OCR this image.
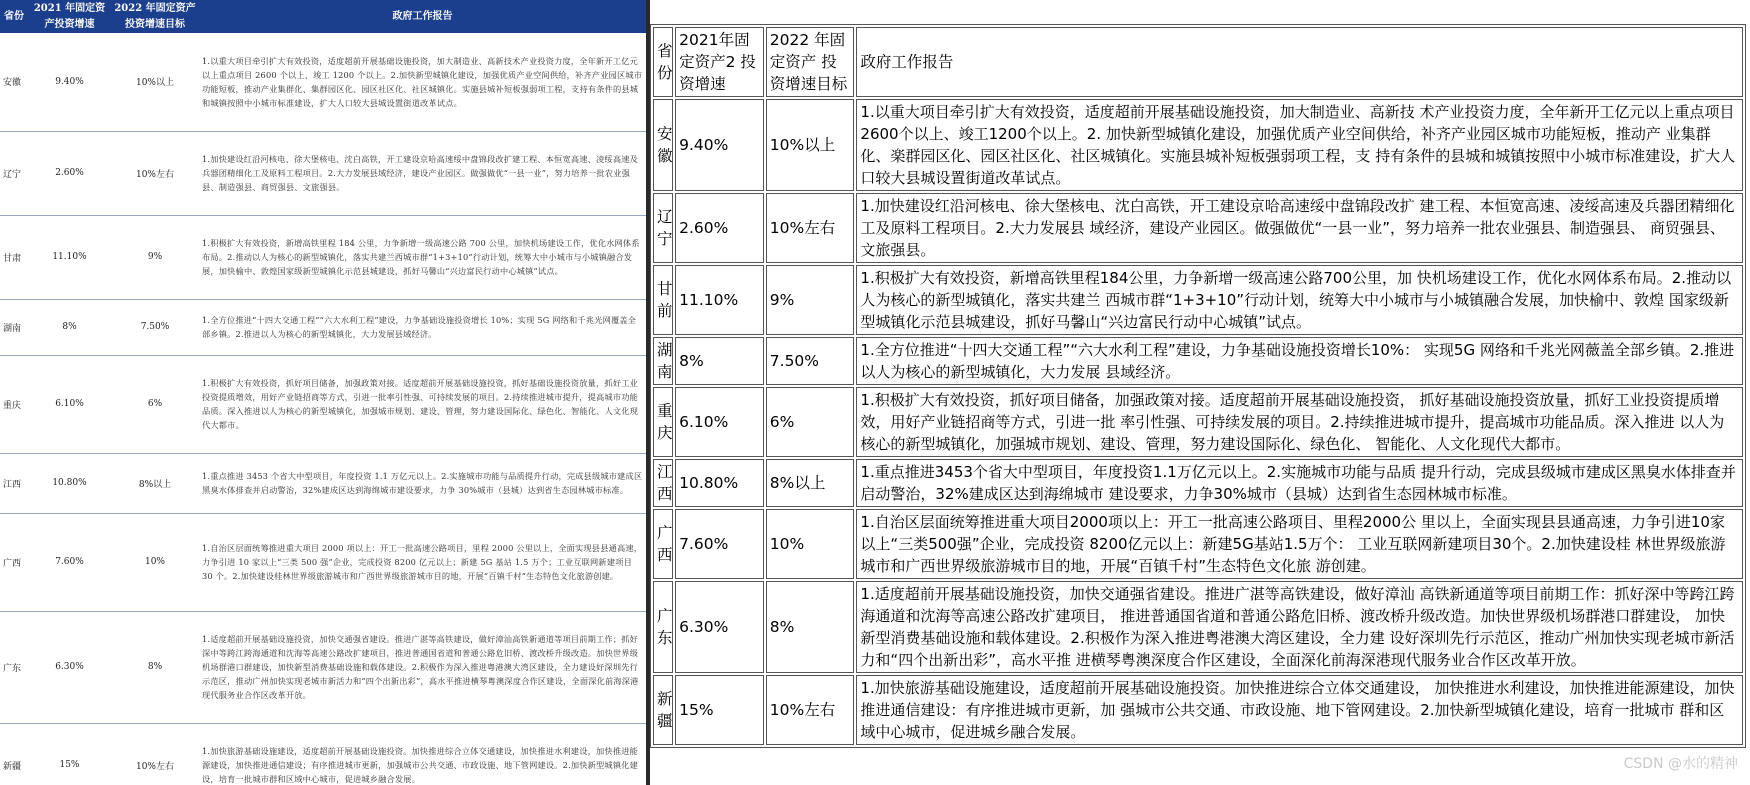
省份	2021 年固定资产投资增速	2022 年固定资产投资增速目标	政府工作报告
安徽	9.40%	10%以上	1.以重大项目牵引扩大有效投资，适度超前开展基础设施投资，加大制造业、高新技术产业投资力度，全年新开工亿元以上重点项目 2600 个以上、竣工 1200 个以上。2.加快新型城镇化建设，加强优质产业空间供给，补齐产业园区城市功能短板，推动产业集群化、集群园区化、园区社区化、社区城镇化。实施县城补短板强弱项工程，支持有条件的县城和城镇按照中小城市标准建设，扩大人口较大县城设置街道改革试点。
辽宁	2.60%	10%左右	1.加快建设红沿河核电、徐大堡核电、沈白高铁，开工建设京哈高速绥中盘锦段改扩建工程、本恒宽高速、凌绥高速及兵器团精细化工及原料工程项目。2.大力发展县域经济，建设产业园区。做强做优“一县一业”，努力培养一批农业强县、制造强县、商贸强县、文旅强县。
甘肃	11.10%	9%	1.积极扩大有效投资，新增高铁里程 184 公里，力争新增一级高速公路 700 公里，加快机场建设工作，优化水网体系布局。2.推动以人为核心的新型城镇化，落实共建兰西城市群“1+3+10”行动计划，统筹大中小城市与小城镇融合发展，加快榆中、敦煌国家级新型城镇化示范县城建设，抓好马馨山“兴边富民行动中心城镇”试点。
湖南	8%	7.50%	1.全方位推进“十四大交通工程”“六大水利工程”建设，力争基础设施投资增长 10%；实现 5G 网络和千兆光网覆盖全部乡镇。2.推进以人为核心的新型城镇化，大力发展县域经济。
重庆	6.10%	6%	1.积极扩大有效投资，抓好项目储备，加强政策对接。适度超前开展基础设施投资，抓好基础设施投资放量，抓好工业投资提质增效，用好产业链招商等方式，引进一批率引性强、可持续发展的项目。2.持续推进城市提升，提高城市功能品质。深入推进以人为核心的新型城镇化，加强城市规划、建设、管理，努力建设国际化、绿色化、智能化、人文化现代大都市。
江西	10.80%	8%以上	1.重点推进 3453 个省大中型项目，年度投资 1.1 万亿元以上。2.实施城市功能与品质提升行动，完成县级城市建成区黑臭水体排查并启动警治，32%建成区达到海绵城市建设要求，力争 30%城市（县城）达到省生态园林城市标准。
广西	7.60%	10%	1.自治区层面统筹推进重大项目 2000 项以上：开工一批高速公路项目，里程 2000 公里以上，全面实现县县通高速，力争引进 10 家以上“三类 500 强”企业，完成投资 8200 亿元以上；新建 5G 基站 1.5 万个；工业互联网新建项目 30 个。2.加快建设桂林世界级旅游城市和广西世界级旅游城市目的地，开展“百镇千村”生态特色文化旅游创建。
广东	6.30%	8%	1.适度超前开展基础设施投资，加快交通强省建设。推进广湛等高铁建设，做好漳汕高铁新通道等项目前期工作；抓好深中等跨江跨海通道和沈海等高速公路改扩建项目，推进普通国省道和普通公路危旧桥、渡改桥升级改造。加快世界级机场群港口群建设，加快新型消费基础设施和载体建设。2.积极作为深入推进粤港澳大湾区建设，全力建设好深圳先行示范区，推动广州加快实现老城市新活力和“四个出新出彩”，高水平推进横琴粤澳深度合作区建设，全面深化前海深港现代服务业合作区改革开放。
新疆	15%	10%左右	1.加快旅游基础设施建设，适度超前开展基础设施投资。加快推进综合立体交通建设，加快推进水利建设，加快推进能源建设，加快推进通信建设；有序推进城市更新，加强城市公共交通、市政设施、地下管网建设。2.加快新型城镇化建设，培育一批城市群和区域中心城市，促进城乡融合发展。
省份	2021年固定资产2 投资增速	2022 年固定资产 投资增速目标	政府工作报告
安徽	9.40%	10%以上	1.以重大项目牵引扩大有效投资，适度超前开展基础设施投资，加大制造业、高新技 术产业投资力度，全年新开工亿元以上重点项目2600个以上、竣工1200个以上。2. 加快新型城镇化建设，加强优质产业空间供给，补齐产业园区城市功能短板，推动产 业集群化、楽群园区化、园区社区化、社区城镇化。实施县城补短板强弱项工程，支 持有条件的县城和城镇按照中小城市标准建设，扩大人口较大县城设置街道改革试点。
辽宁	2.60%	10%左右	1.加快建设红沿河核电、徐大堡核电、沈白高铁，开工建设京哈高速绥中盘锦段改扩 建工程、本恒宽高速、凌绥高速及兵器团精细化工及原料工程项目。2.大力发展县 域经济，建设产业园区。做强做优“一县一业”，努力培养一批农业强县、制造强县、 商贸强县、文旅强县。
甘前	11.10%	9%	1.积极扩大有效投资，新增高铁里程184公里，力争新增一级高速公路700公里，加 快机场建设工作，优化水网体系布局。2.推动以人为核心的新型城镇化，落实共建兰 西城市群“1+3+10”行动计划，统筹大中小城市与小城镇融合发展，加快榆中、敦煌 国家级新型城镇化示范县城建设，抓好马馨山“兴边富民行动中心城镇”试点。
湖南	8%	7.50%	1.全方位推进“十四大交通工程”“六大水利工程”建设，力争基础设施投资增长10%： 实现5G 网络和千兆光网薇盖全部乡镇。2.推进以人为核心的新型城镇化，大力发展 县域经济。
重庆	6.10%	6%	1.积极扩大有效投资，抓好项目储备，加强政策对接。适度超前开展基础设施投资， 抓好基础设施投资放量，抓好工业投资提质增效，用好产业链招商等方式，引进一批 率引性强、可持续发展的项目。2.持续推进城市提升，提高城市功能品质。深入推进 以人为核心的新型城镇化，加强城市规划、建设、管理，努力建设国际化、绿色化、 智能化、人文化现代大都市。
江西	10.80%	8%以上	1.重点推进3453个省大中型项目，年度投资1.1万亿元以上。2.实施城市功能与品质 提升行动，完成县级城市建成区黑臭水体排查并启动警治，32%建成区达到海绵城市 建设要求，力争30%城市（县城）达到省生态园林城市标准。
广西	7.60%	10%	1.自治区层面统筹推进重大项目2000项以上：开工一批高速公路项目、里程2000公 里以上，全面实现县县通高速，力争引进10家以上“三类500强”企业，完成投资 8200亿元以上：新建5G基站1.5万个： 工业互联网新建项目30个。2.加快建设桂 林世界级旅游城市和广西世界级旅游城市目的地，开展“百镇千村”生态特色文化旅 游创建。
广东	6.30%	8%	1.适度超前开展基础设施投资，加快交通强省建设。推进广湛等高铁建设，做好漳汕 高铁新通道等项目前期工作：抓好深中等跨江跨海通道和沈海等高速公路改扩建项目， 推进普通国省道和普通公路危旧桥、渡改桥升级改造。加快世界级机场群港口群建设， 加快新型消费基础设施和载体建设。2.积极作为深入推进粤港澳大湾区建设，全力建 设好深圳先行示范区，推动广州加快实现老城市新活力和“四个出新出彩”，高水平推 进横琴粤澳深度合作区建设，全面深化前海深港现代服务业合作区改革开放。
新疆	15%	10%左右	1.加快旅游基础设施建设，适度超前开展基础设施投资。加快推进综合立体交通建设， 加快推进水利建设，加快推进能源建设，加快推进通信建设：有序推进城市更新，加 强城市公共交通、市政设施、地下管网建设。2.加快新型城镇化建设，培育一批城市 群和区域中心城市，促进城乡融合发展。
CSDN @水的精神
